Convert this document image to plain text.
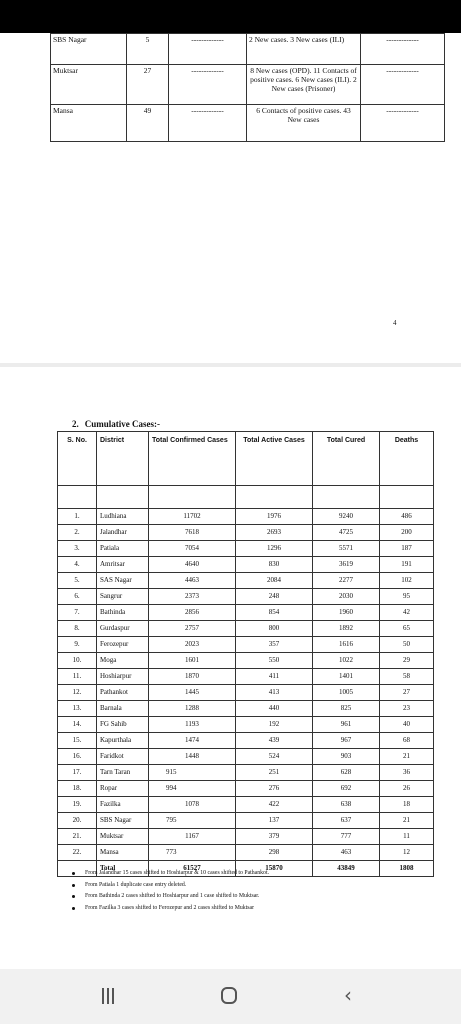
SBS Nagar	5	-------------	2 New cases. 3 New cases (ILI)	-------------
Muktsar	27	-------------	8 New cases (OPD). 11 Contacts of positive cases. 6 New cases (ILI). 2 New cases (Prisoner)	-------------
Mansa	49	-------------	6 Contacts of positive cases. 43 New cases	-------------
4
2. Cumulative Cases:-
S. No.	District	Total Confirmed Cases	Total Active Cases	Total Cured	Deaths

1.	Ludhiana	11702	1976	9240	486
2.	Jalandhar	7618	2693	4725	200
3.	Patiala	7054	1296	5571	187
4.	Amritsar	4640	830	3619	191
5.	SAS Nagar	4463	2084	2277	102
6.	Sangrur	2373	248	2030	95
7.	Bathinda	2856	854	1960	42
8.	Gurdaspur	2757	800	1892	65
9.	Ferozepur	2023	357	1616	50
10.	Moga	1601	550	1022	29
11.	Hoshiarpur	1870	411	1401	58
12.	Pathankot	1445	413	1005	27
13.	Barnala	1288	440	825	23
14.	FG Sahib	1193	192	961	40
15.	Kapurthala	1474	439	967	68
16.	Faridkot	1448	524	903	21
17.	Tarn Taran	915	251	628	36
18.	Ropar	994	276	692	26
19.	Fazilka	1078	422	638	18
20.	SBS Nagar	795	137	637	21
21.	Muktsar	1167	379	777	11
22.	Mansa	773	298	463	12
	Total	61527	15870	43849	1808
From Jalandhar 15 cases shifted to Hoshiarpur & 10 cases shifted to Pathankot.
From Patiala 1 duplicate case entry deleted.
From Bathinda 2 cases shifted to Hoshiarpur and 1 case shifted to Muktsar.
From Fazilka 3 cases shifted to Ferozepur and 2 cases shifted to Muktsar
‹
